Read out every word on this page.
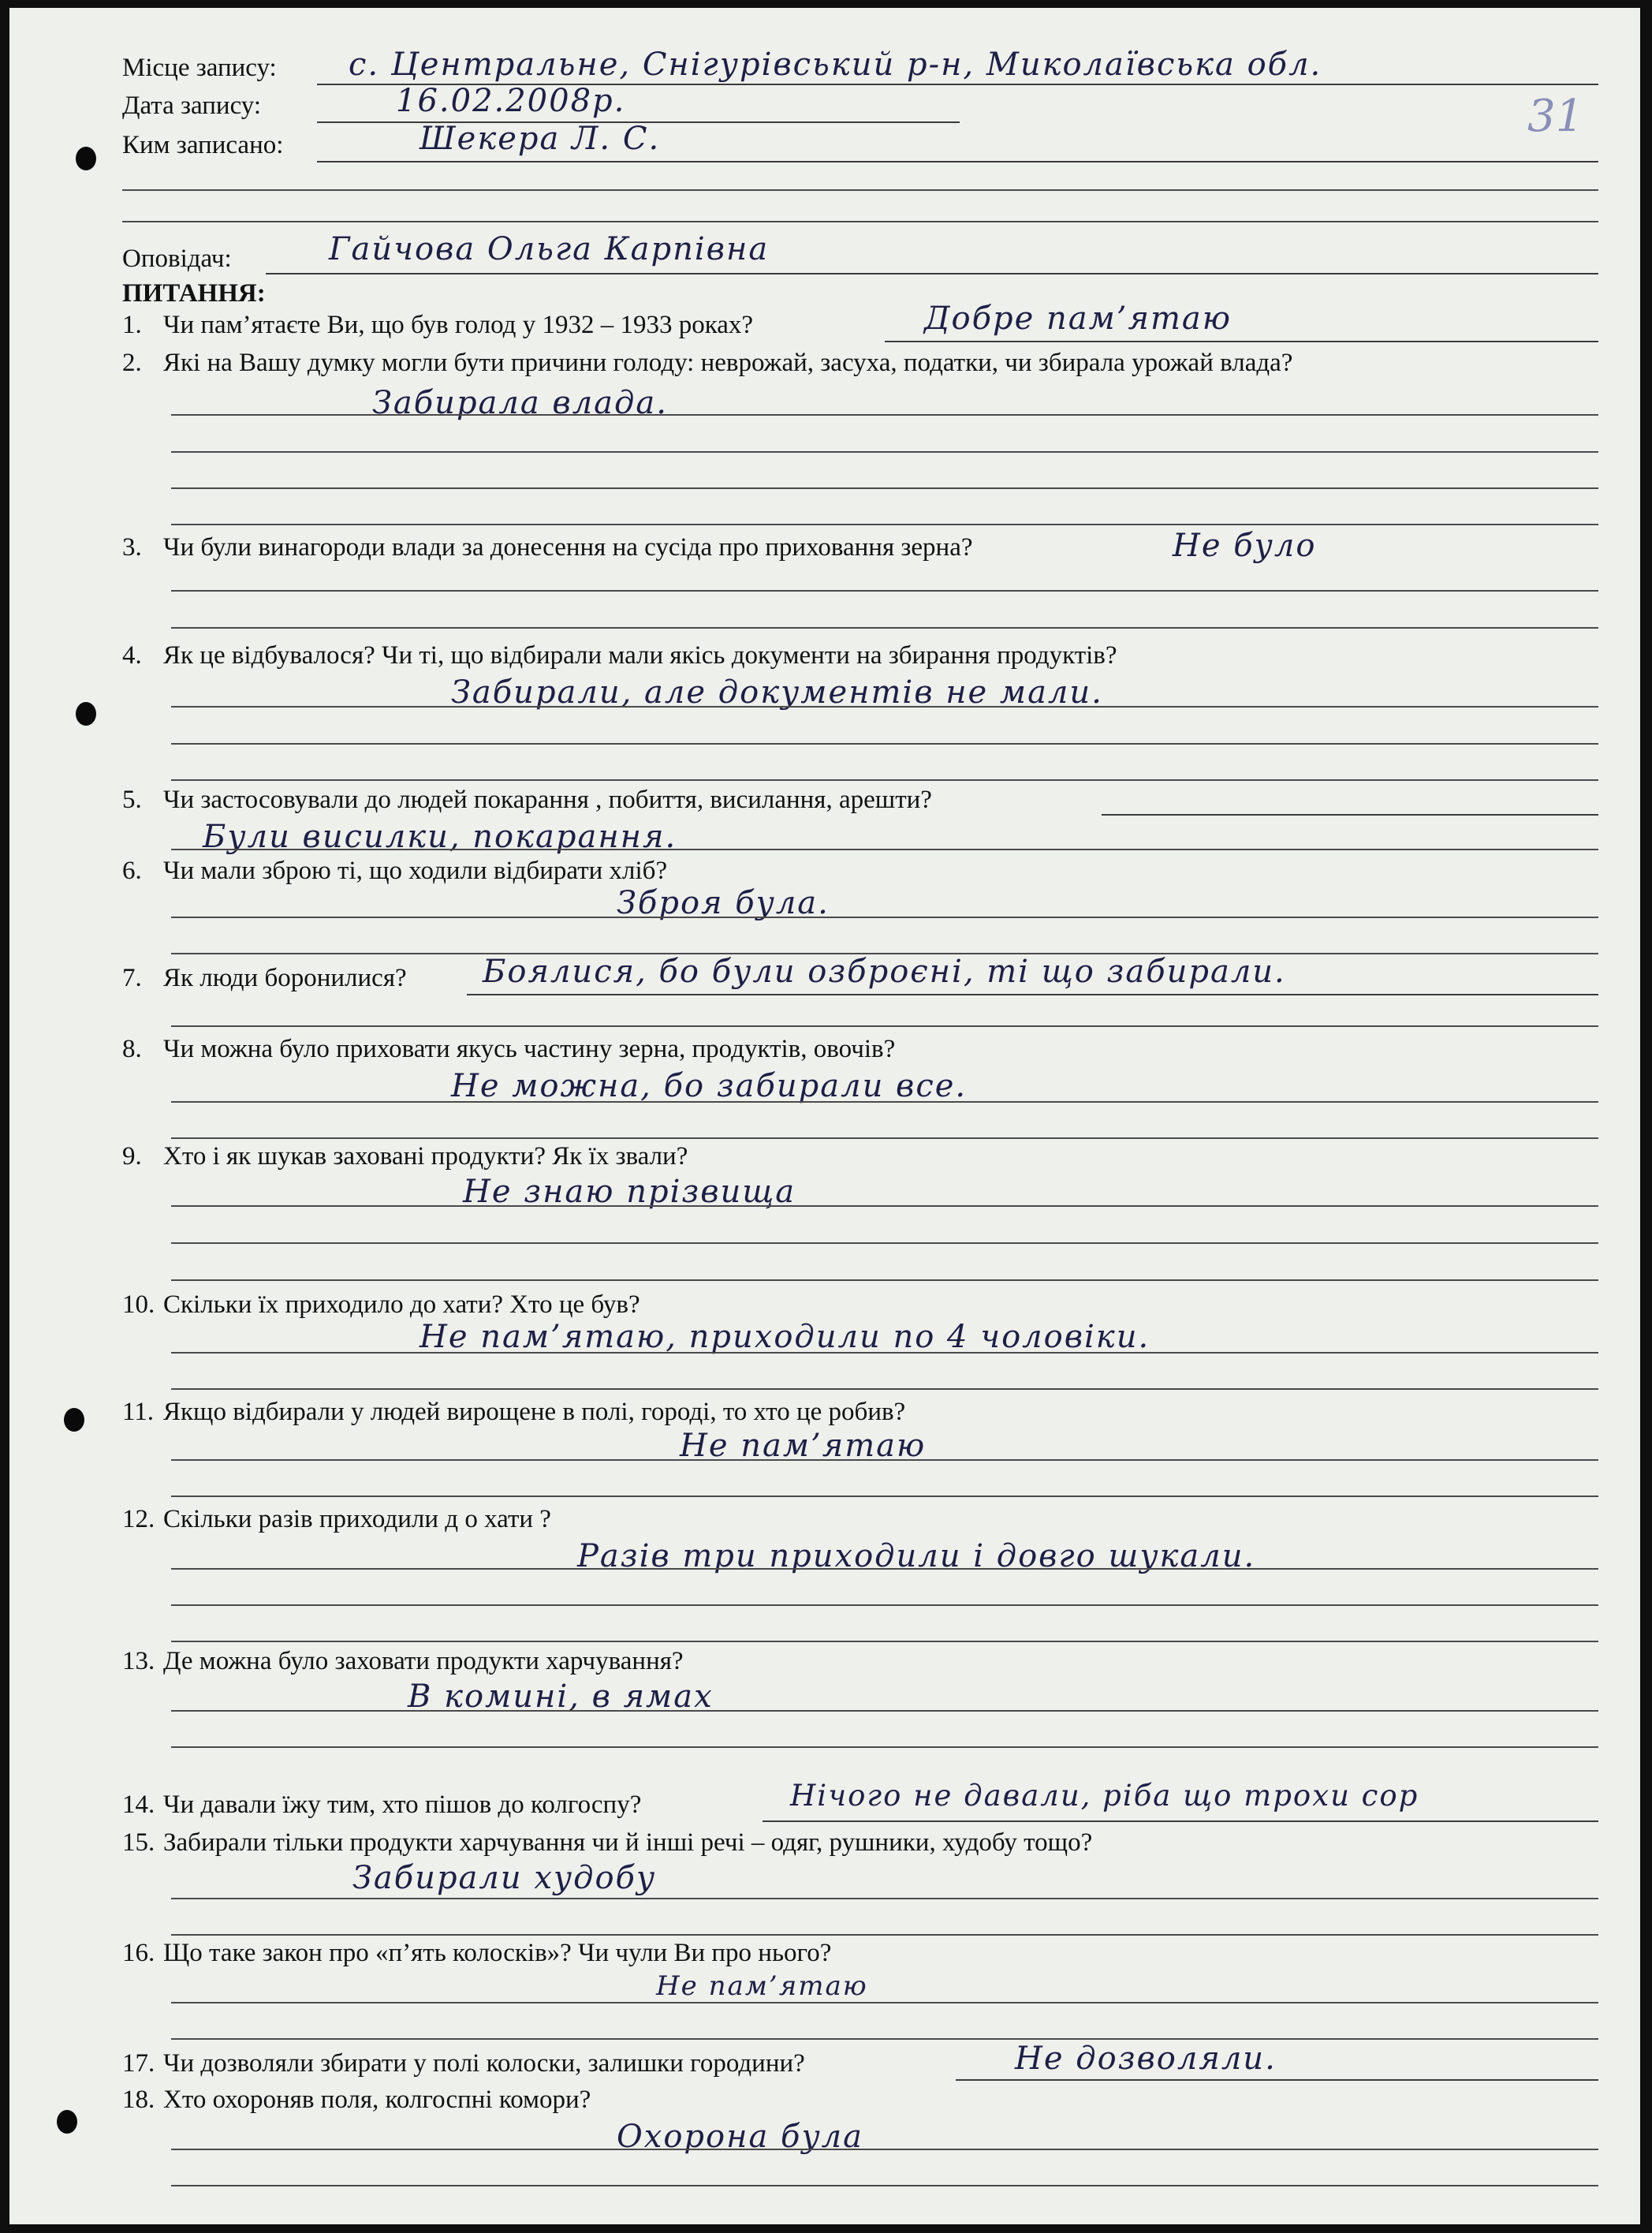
31
Місце запису: с. Центральне, Снігурівський р-н, Миколаївська обл.
Дата запису:	16.02.2008р.
Ким записано:	Шекера Л. С.
Оповідач:	Гайчова Ольга Карпівна
ПИТАННЯ:
1. Чи пам’ятаєте Ви, що був голод у 1932 – 1933 роках?	Добре пам’ятаю
2. Які на Вашу думку могли бути причини голоду: неврожай, засуха, податки, чи збирала урожай влада?
Забирала влада.
3. Чи були винагороди влади за донесення на сусіда про приховання зерна?	Не було
4. Як це відбувалося? Чи ті, що відбирали мали якісь документи на збирання продуктів?
Забирали, але документів не мали.
5. Чи застосовували до людей покарання , побиття, висилання, арешти?
Були висилки, покарання.
6. Чи мали зброю ті, що ходили відбирати хліб?
Зброя була.
7. Як люди боронилися? Боялися, бо були озброєні, ті що забирали.
8. Чи можна було приховати якусь частину зерна, продуктів, овочів?
Не можна, бо забирали все.
9. Хто і як шукав заховані продукти? Як їх звали?
Не знаю прізвища
10. Скільки їх приходило до хати? Хто це був?
Не пам’ятаю, приходили по 4 чоловіки.
11. Якщо відбирали у людей вирощене в полі, городі, то хто це робив?
Не пам’ятаю
12. Скільки разів приходили д о хати ?
Разів три приходили і довго шукали.
13. Де можна було заховати продукти харчування?
В комині, в ямах
14. Чи давали їжу тим, хто пішов до колгоспу?	Нічого не давали, ріба що трохи сор
15. Забирали тільки продукти харчування чи й інші речі – одяг, рушники, худобу тощо?
Забирали худобу
16. Що таке закон про «п’ять колосків»? Чи чули Ви про нього?
Не пам’ятаю
17. Чи дозволяли збирати у полі колоски, залишки городини?	Не дозволяли.
18. Хто охороняв поля, колгоспні комори?
Охорона була
